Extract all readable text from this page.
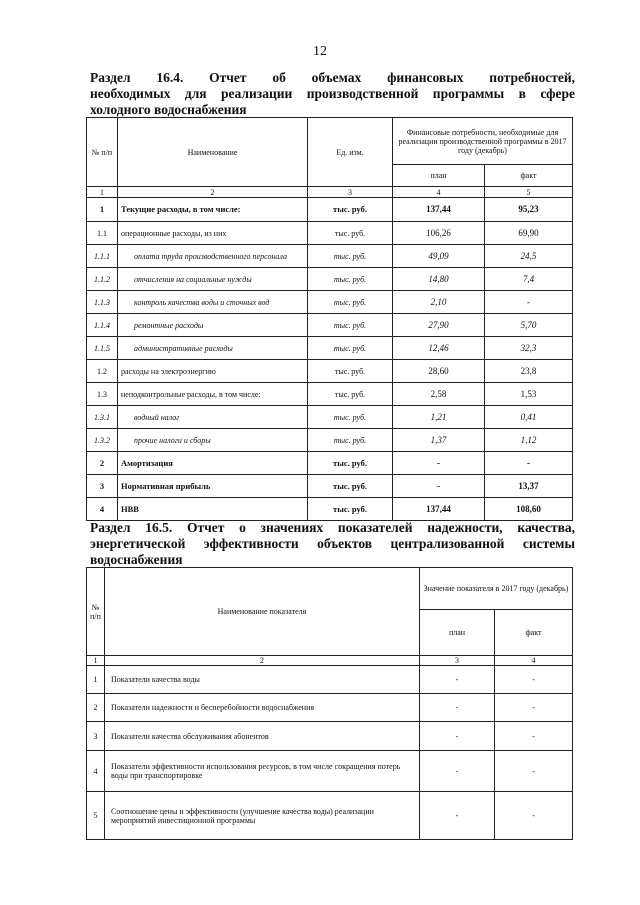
12
Раздел 16.4. Отчет об объемах финансовых потребностей,
необходимых для реализации производственной программы в сфере
холодного водоснабжения
№ п/п	Наименование	Ед. изм.	Финансовые потребности, необходимые для реализации производственной программы в 2017 году (декабрь)	
			план	факт
1	2	3	4	5
1	Текущие расходы, в том числе:	тыс. руб.	137,44	95,23
1.1	операционные расходы, из них	тыс. руб.	106,26	69,90
1.1.1	оплата труда производственного персонала	тыс. руб.	49,09	24,5
1.1.2	отчисления на социальные нужды	тыс. руб.	14,80	7,4
1.1.3	контроль качества воды и сточных вод	тыс. руб.	2,10	-
1.1.4	ремонтные расходы	тыс. руб.	27,90	5,70
1.1.5	административные расходы	тыс. руб.	12,46	32,3
1.2	расходы на электроэнергию	тыс. руб.	28,60	23,8
1.3	неподконтрольные расходы, в том числе:	тыс. руб.	2,58	1,53
1.3.1	водный налог	тыс. руб.	1,21	0,41
1.3.2	прочие налоги и сборы	тыс. руб.	1,37	1,12
2	Амортизация	тыс. руб.	-	-
3	Нормативная прибыль	тыс. руб.	-	13,37
4	НВВ	тыс. руб.	137,44	108,60
Раздел 16.5. Отчет о значениях показателей надежности, качества,
энергетической эффективности объектов централизованной системы
водоснабжения
№ п/п	Наименование показателя	Значение показателя в 2017 году (декабрь)	
		план	факт
1	2	3	4
1	Показатели качества воды	-	-
2	Показатели надежности и бесперебойности водоснабжения	-	-
3	Показатели качества обслуживания абонентов	-	-
4	Показатели эффективности использования ресурсов, в том числе сокращения потерь воды при транспортировке	-	-
5	Соотношение цены и эффективности (улучшение качества воды) реализации мероприятий инвестиционной программы	-	-
